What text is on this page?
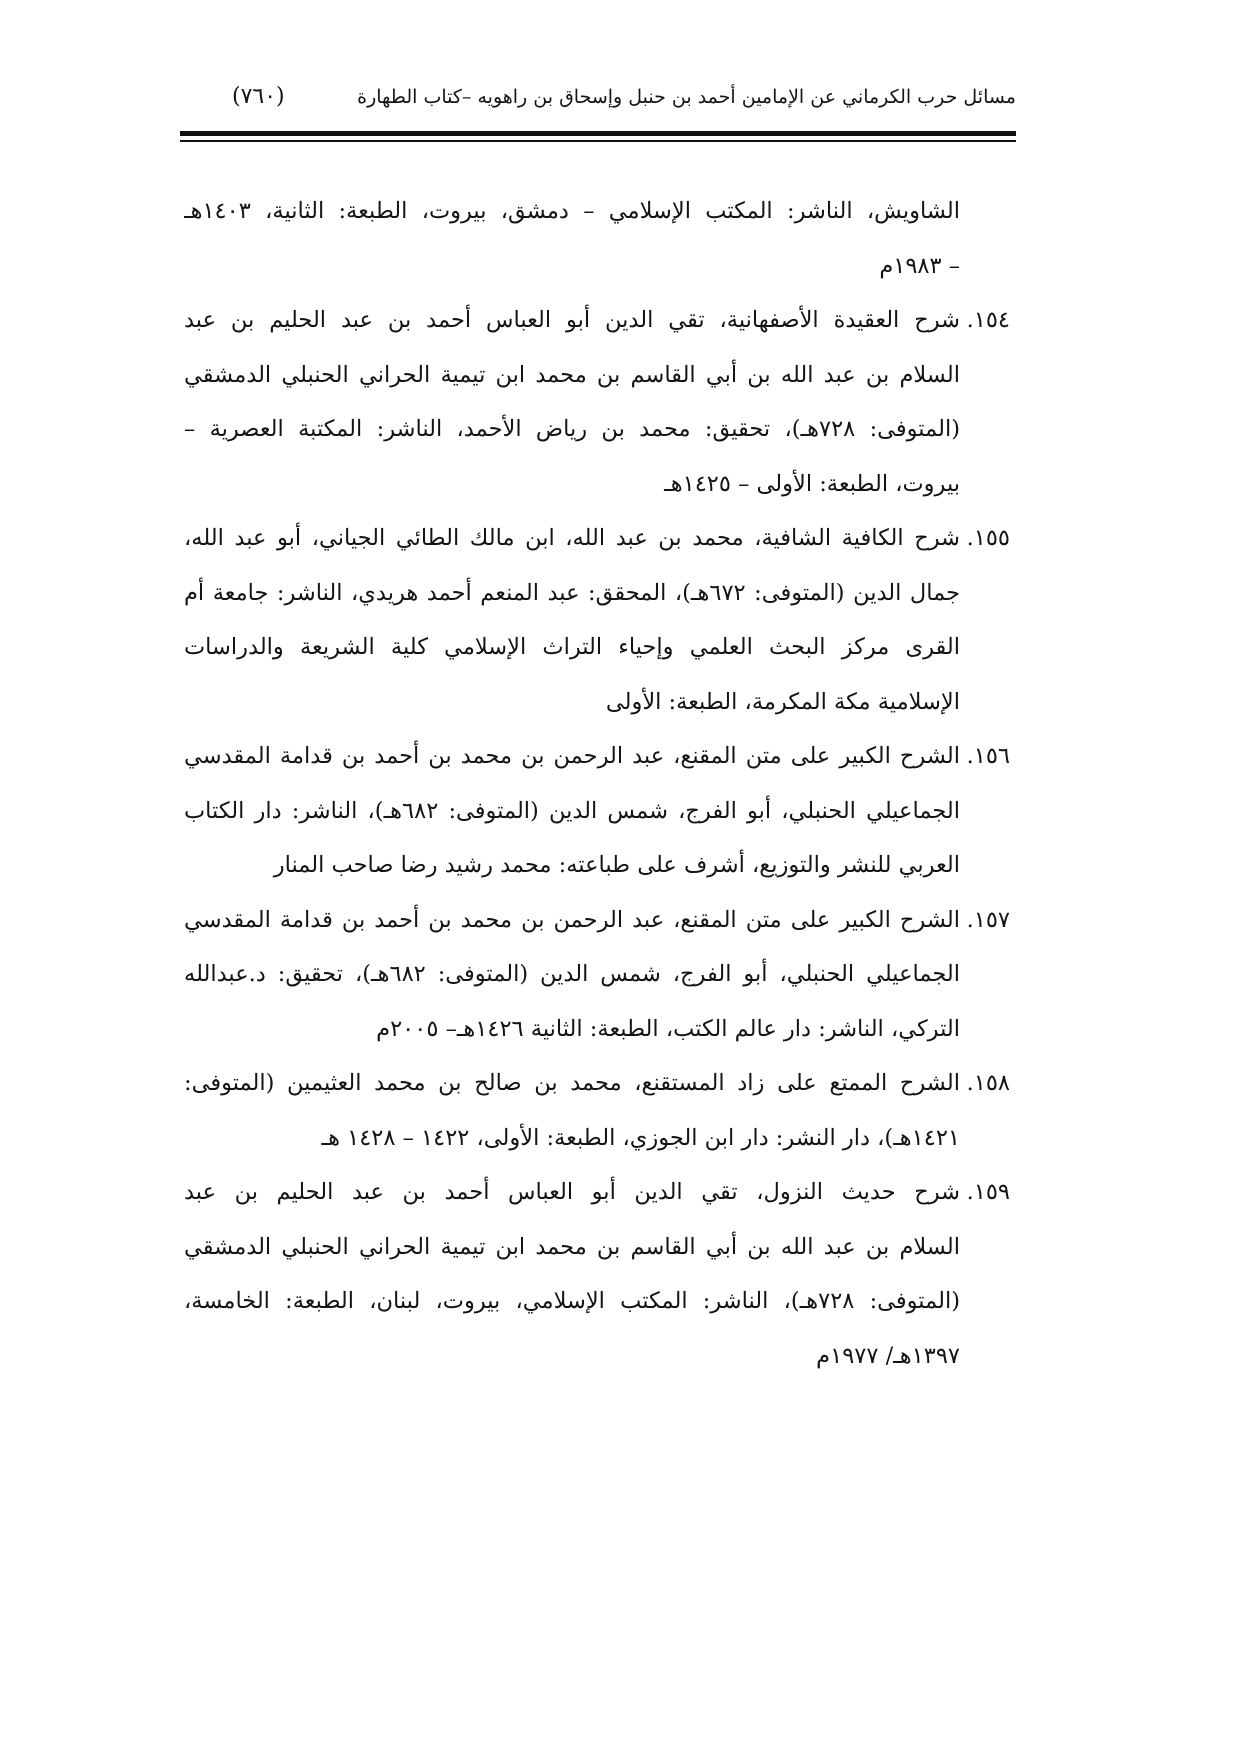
مسائل حرب الكرماني عن الإمامين أحمد بن حنبل وإسحاق بن راهويه –كتاب الطهارة
(٧٦٠)
الشاويش، الناشر: المكتب الإسلامي – دمشق، بيروت، الطبعة: الثانية، ١٤٠٣هـ
– ١٩٨٣م
١٥٤.
شرح العقيدة الأصفهانية، تقي الدين أبو العباس أحمد بن عبد الحليم بن عبد
السلام بن عبد الله بن أبي القاسم بن محمد ابن تيمية الحراني الحنبلي الدمشقي
(المتوفى: ٧٢٨هـ)، تحقيق: محمد بن رياض الأحمد، الناشر: المكتبة العصرية –
بيروت، الطبعة: الأولى – ١٤٢٥هـ
١٥٥.
شرح الكافية الشافية، محمد بن عبد الله، ابن مالك الطائي الجياني، أبو عبد الله،
جمال الدين (المتوفى: ٦٧٢هـ)، المحقق: عبد المنعم أحمد هريدي، الناشر: جامعة أم
القرى مركز البحث العلمي وإحياء التراث الإسلامي كلية الشريعة والدراسات
الإسلامية مكة المكرمة، الطبعة: الأولى
١٥٦.
الشرح الكبير على متن المقنع، عبد الرحمن بن محمد بن أحمد بن قدامة المقدسي
الجماعيلي الحنبلي، أبو الفرج، شمس الدين (المتوفى: ٦٨٢هـ)، الناشر: دار الكتاب
العربي للنشر والتوزيع، أشرف على طباعته: محمد رشيد رضا صاحب المنار
١٥٧.
الشرح الكبير على متن المقنع، عبد الرحمن بن محمد بن أحمد بن قدامة المقدسي
الجماعيلي الحنبلي، أبو الفرج، شمس الدين (المتوفى: ٦٨٢هـ)، تحقيق: د.عبدالله
التركي، الناشر: دار عالم الكتب، الطبعة: الثانية ١٤٢٦هـ– ٢٠٠٥م
١٥٨.
الشرح الممتع على زاد المستقنع، محمد بن صالح بن محمد العثيمين (المتوفى:
١٤٢١هـ)، دار النشر: دار ابن الجوزي، الطبعة: الأولى، ١٤٢٢ – ١٤٢٨ هـ
١٥٩.
شرح حديث النزول، تقي الدين أبو العباس أحمد بن عبد الحليم بن عبد
السلام بن عبد الله بن أبي القاسم بن محمد ابن تيمية الحراني الحنبلي الدمشقي
(المتوفى: ٧٢٨هـ)، الناشر: المكتب الإسلامي، بيروت، لبنان، الطبعة: الخامسة،
١٣٩٧هـ/ ١٩٧٧م
